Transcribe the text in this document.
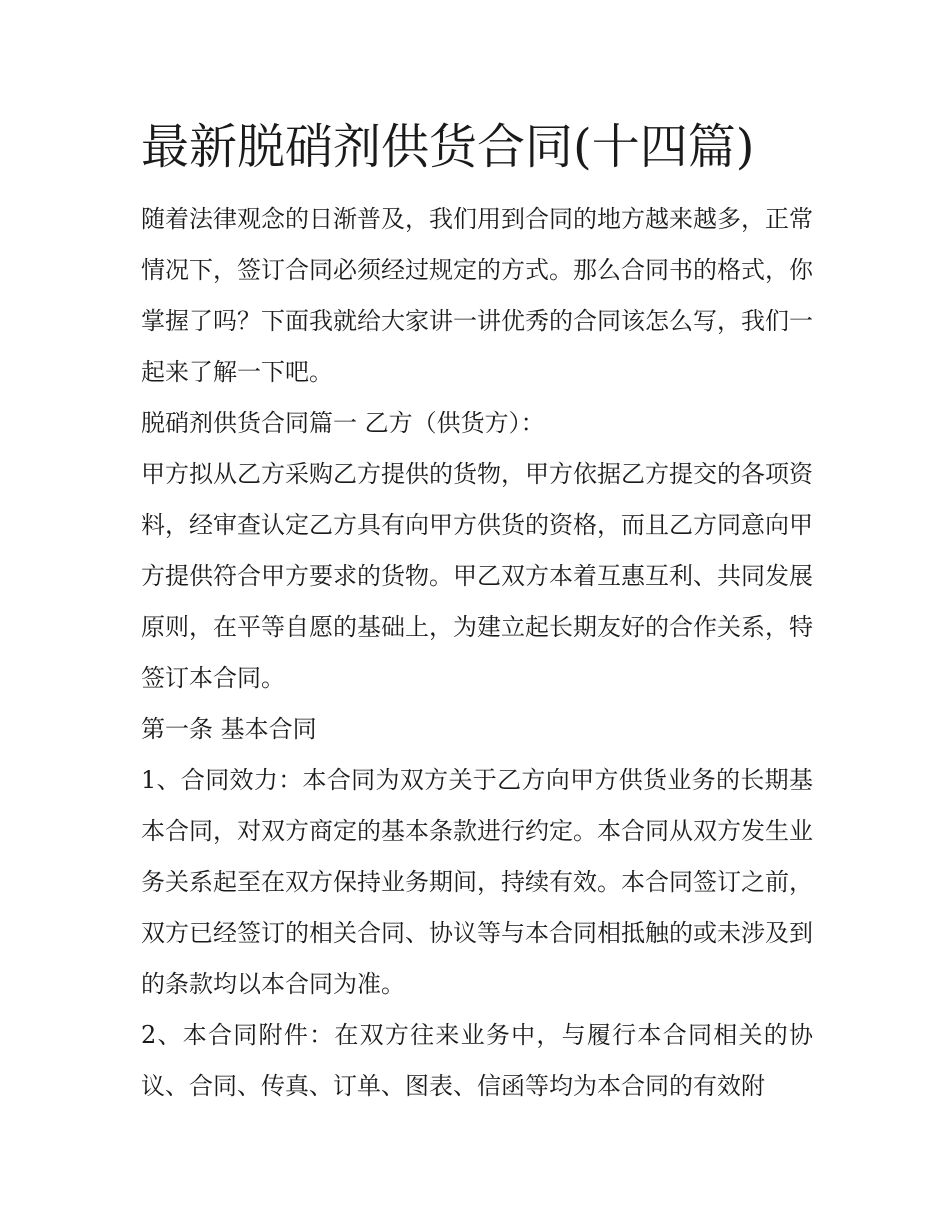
最新脱硝剂供货合同(十四篇)

随着法律观念的日渐普及，我们用到合同的地方越来越多，正常情况下，签订合同必须经过规定的方式。那么合同书的格式，你掌握了吗？下面我就给大家讲一讲优秀的合同该怎么写，我们一起来了解一下吧。

脱硝剂供货合同篇一 乙方（供货方）：

甲方拟从乙方采购乙方提供的货物，甲方依据乙方提交的各项资料，经审查认定乙方具有向甲方供货的资格，而且乙方同意向甲方提供符合甲方要求的货物。甲乙双方本着互惠互利、共同发展原则，在平等自愿的基础上，为建立起长期友好的合作关系，特签订本合同。

第一条 基本合同

1、合同效力：本合同为双方关于乙方向甲方供货业务的长期基本合同，对双方商定的基本条款进行约定。本合同从双方发生业务关系起至在双方保持业务期间，持续有效。本合同签订之前，双方已经签订的相关合同、协议等与本合同相抵触的或未涉及到的条款均以本合同为准。

2、本合同附件：在双方往来业务中，与履行本合同相关的协议、合同、传真、订单、图表、信函等均为本合同的有效附
